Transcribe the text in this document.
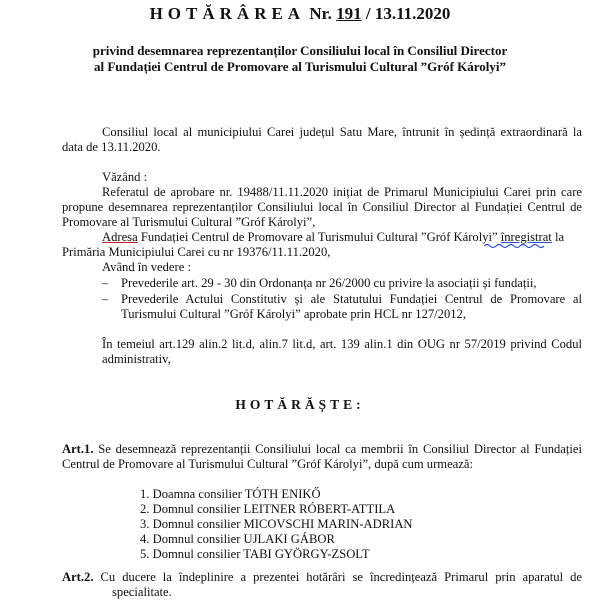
HOTĂRÂREA Nr. 191 / 13.11.2020
privind desemnarea reprezentanților Consiliului local în Consiliul Director
al Fundației Centrul de Promovare al Turismului Cultural ”Gróf Károlyi”
Consiliul local al municipiului Carei județul Satu Mare, întrunit în ședință extraordinară la
data de 13.11.2020.
Văzând :
Referatul de aprobare nr. 19488/11.11.2020 inițiat de Primarul Municipiului Carei prin care
propune desemnarea reprezentanților Consiliului local în Consiliul Director al Fundației Centrul de
Promovare al Turismului Cultural ”Gróf Károlyi”,
Adresa Fundației Centrul de Promovare al Turismului Cultural ”Gróf Károlyi” înregistrat la
Primăria Municipiului Carei cu nr 19376/11.11.2020,
Având în vedere :
– Prevederile art. 29 - 30 din Ordonanța nr 26/2000 cu privire la asociații și fundații,
– Prevederile Actului Constitutiv și ale Statutului Fundației Centrul de Promovare al
Turismului Cultural ”Gróf Károlyi” aprobate prin HCL nr 127/2012,
În temeiul art.129 alin.2 lit.d, alin.7 lit.d, art. 139 alin.1 din OUG nr 57/2019 privind Codul
administrativ,
HOTĂRĂȘTE:
Art.1. Se desemnează reprezentanții Consiliului local ca membrii în Consiliul Director al Fundației
Centrul de Promovare al Turismului Cultural ”Gróf Károlyi”, după cum urmează:
1. Doamna consilier TÓTH ENIKŐ
2. Domnul consilier LEITNER RÓBERT-ATTILA
3. Domnul consilier MICOVSCHI MARIN-ADRIAN
4. Domnul consilier UJLAKI GÁBOR
5. Domnul consilier TABI GYÖRGY-ZSOLT
Art.2. Cu ducere la îndeplinire a prezentei hotărâri se încredințează Primarul prin aparatul de
specialitate.
